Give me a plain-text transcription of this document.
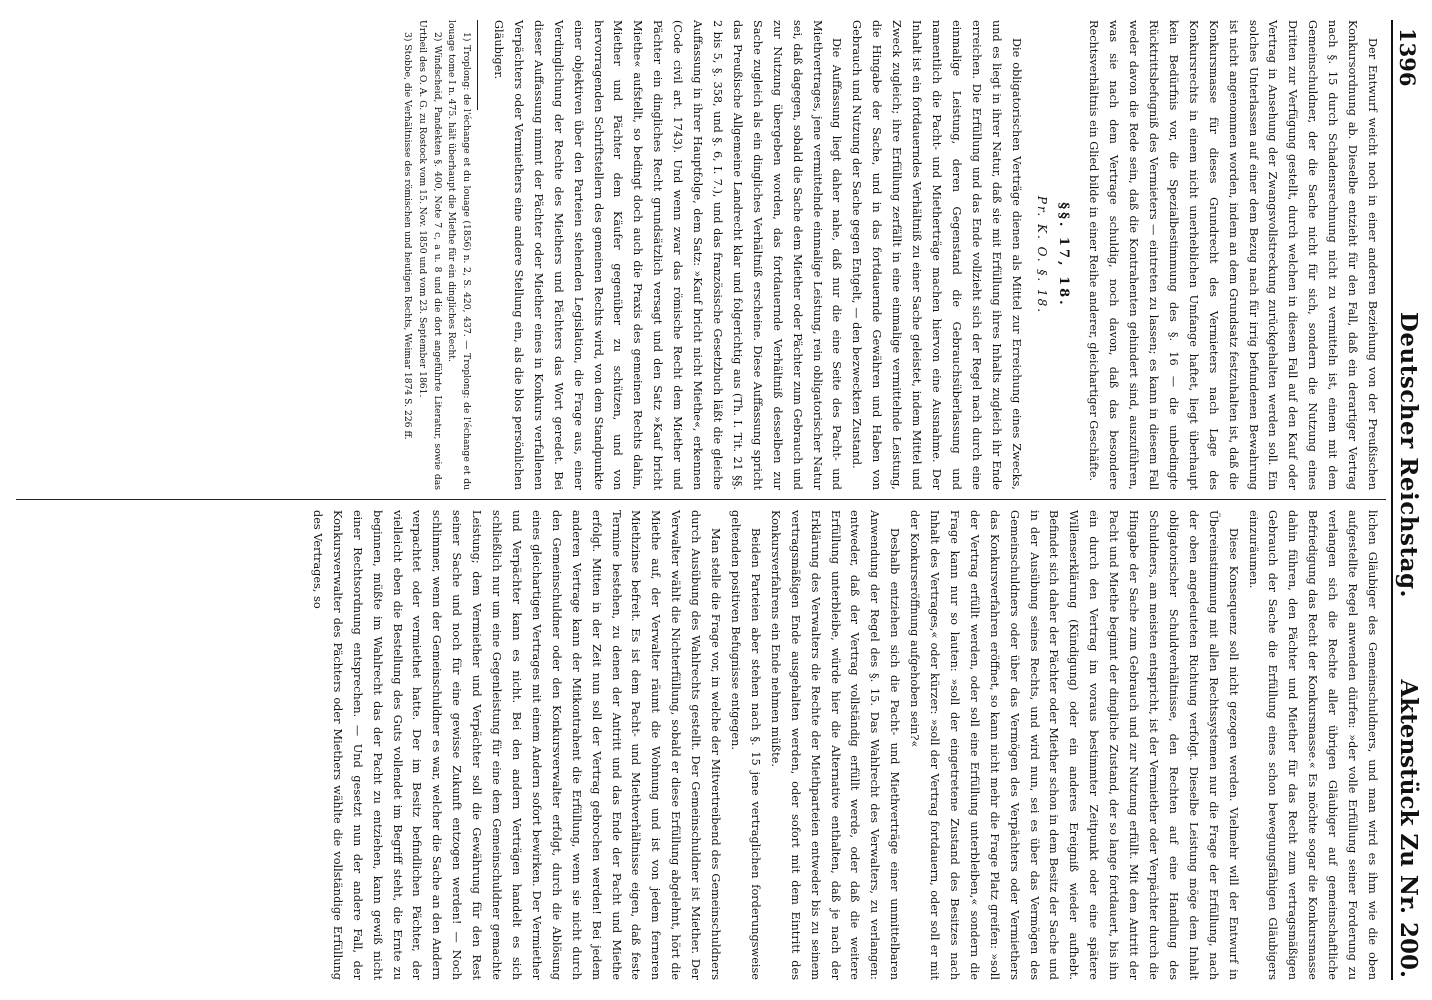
1396
Deutscher Reichstag.
Aktenstück Zu Nr. 200.

Der Entwurf weicht noch in einer anderen Beziehung von der Preußischen Konkursordnung ab. Dieselbe entzieht für den Fall, daß ein derartiger Vertrag nach §. 15 durch Schadensrechnung nicht zu vermitteln ist, einem mit dem Gemeinschuldner, der die Sache nicht für sich, sondern die Nutzung eines Dritten zur Verfügung gestellt, durch welchen in diesem Fall auf den Kauf oder Vertrag in Ansehung der Zwangsvollstreckung zurückgehalten werden soll. Ein solches Unterlassen auf einer dem Bezug nach für irrig befundenen Bewahrung ist nicht angenommen worden, indem an dem Grundsatz festzuhalten ist, daß die Konkursmasse für dieses Grundrecht des Vermieters nach Lage des Konkursrechts in einem nicht unerheblichen Umfange haftet, liegt überhaupt kein Bedürfnis vor, die Spezialbestimmung des §. 16 — die unbedingte Rücktrittsbefugniß des Vermieters — eintreten zu lassen; es kann in diesem Fall weder davon die Rede sein, daß die Kontrahenten gehindert sind, auszuführen, was sie nach dem Vertrage schuldig, noch davon, daß das besondere Rechtsverhältnis ein Glied bilde in einer Reihe anderer, gleichartiger Geschäfte.

§§. 17, 18.
Pr. K. O. §. 18.

Die obligatorischen Verträge dienen als Mittel zur Erreichung eines Zwecks, und es liegt in ihrer Natur, daß sie mit Erfüllung ihres Inhalts zugleich ihr Ende erreichen. Die Erfüllung und das Ende vollzieht sich der Regel nach durch eine einmalige Leistung, deren Gegenstand die Gebrauchsüberlassung und namentlich die Pacht- und Mietherträge machen hiervon eine Ausnahme. Der Inhalt ist ein fortdauerndes Verhältniß zu einer Sache geleistet, indem Mittel und Zweck zugleich; ihre Erfüllung zerfällt in eine einmalige vermittelnde Leistung, die Hingabe der Sache, und in das fortdauernde Gewähren und Haben von Gebrauch und Nutzung der Sache gegen Entgelt, — den bezweckten Zustand.

Die Auffassung liegt daher nahe, daß nur die eine Seite des Pacht- und Miethvertrages, jene vermittelnde einmalige Leistung, rein obligatorischer Natur sei, daß dagegen, sobald die Sache dem Miether oder Pächter zum Gebrauch und zur Nutzung übergeben worden, das fortdauernde Verhältniß desselben zur Sache zugleich als ein dingliches Verhältniß erscheine. Diese Auffassung spricht das Preußische Allgemeine Landrecht klar und folgerichtig aus (Th. I. Tit. 21 §§. 2 bis 5, §. 358, und §. 6, I. 7.), und das französische Gesetzbuch läßt die gleiche Auffassung in ihrer Hauptfolge, dem Satz: »Kauf bricht nicht Miethe«, erkennen (Code civil art. 1743). Und wenn zwar das römische Recht dem Miether und Pächter ein dingliches Recht grundsätzlich versagt und den Satz »Kauf bricht Miethe« aufstellt, so bedingt doch auch die Praxis des gemeinen Rechts dahin, Miether und Pächter dem Käufer gegenüber zu schützen, und von hervorragenden Schriftstellern des gemeinen Rechts wird, von dem Standpunkte einer objektiven über den Parteien stehenden Legislation, die Frage aus, einer Verdinglichung der Rechte des Miethers und Pächters das Wort geredet. Bei dieser Auffassung nimmt der Pächter oder Miether eines in Konkurs verfallenen Verpächters oder Vermiethers eine andere Stellung ein, als die blos persönlichen Gläubiger.

1) Troplong: de l'échange et du louage (1856) n. 2, S. 420, 437. — Troplong: de l'échange et du louage tome I n. 475. hält überhaupt die Miethe für ein dingliches Recht.

2) Windscheid, Pandekten §. 400, Note 7 c, a u. 8 und die dort angeführte Literatur, sowie das Urtheil des O. A. G. zu Rostock vom 15. Nov. 1850 und vom 23. September 1861.

3) Stobbe, die Verhältnisse des römischen und heutigen Rechts, Weimar 1874 S. 226 ff.

lichen Gläubiger des Gemeinschuldners, und man wird es ihm wie die oben aufgestellte Regel anwenden dürfen: »der volle Erfüllung seiner Forderung zu verlangen sich die Rechte aller übrigen Gläubiger auf gemeinschaftliche Befriedigung das Recht der Konkursmasse.« Es möchte sogar die Konkursmasse dahin führen, den Pächter und Miether für das Recht zum vertragsmäßigen Gebrauch der Sache die Erfüllung eines schon bewegungsfähigen Gläubigers einzuräumen.

Diese Konsequenz soll nicht gezogen werden. Vielmehr will der Entwurf in Übereinstimmung mit allen Rechtssystemen nur die Frage der Erfüllung, nach der oben angedeuteten Richtung verfolgt. Dieselbe Leistung möge dem Inhalt obligatorischer Schuldverhältnisse, den Rechten auf eine Handlung des Schuldners, am meisten entspricht, ist der Vermiether oder Verpächter durch die Hingabe der Sache zum Gebrauch und zur Nutzung erfüllt. Mit dem Antritt der Pacht und Miethe beginnt der dingliche Zustand, der so lange fortdauert, bis ihn ein durch den Vertrag im voraus bestimmter Zeitpunkt oder eine spätere Willenserklärung (Kündigung) oder ein anderes Ereigniß wieder aufhebt. Befindet sich daher der Pächter oder Miether schon in dem Besitz der Sache und in der Ausübung seines Rechts, und wird nun, sei es über das Vermögen des Gemeinschuldners oder über das Vermögen des Verpächters oder Vermiethers das Konkursverfahren eröffnet, so kann nicht mehr die Frage Platz greifen: »soll der Vertrag erfüllt werden, oder soll eine Erfüllung unterbleiben,« sondern die Frage kann nur so lauten: »soll der eingetretene Zustand des Besitzes nach Inhalt des Vertrages,« oder kürzer: »soll der Vertrag fortdauern, oder soll er mit der Konkurseröffnung aufgehoben sein?«

Deshalb entziehen sich die Pacht- und Miethverträge einer unmittelbaren Anwendung der Regel des §. 15. Das Wahlrecht des Verwalters, zu verlangen: entweder, daß der Vertrag vollständig erfüllt werde, oder daß die weitere Erfüllung unterbleibe, würde hier die Alternative enthalten, daß je nach der Erklärung des Verwalters die Rechte der Miethparteien entweder bis zu seinem vertragsmäßigen Ende ausgehalten werden, oder sofort mit dem Eintritt des Konkursverfahrens ein Ende nehmen müßte.

Beiden Parteien aber stehen nach §. 15 jene vertraglichen forderungsweise geltenden positiven Befugnisse entgegen.

Man stelle die Frage vor, in welche der Mitvertreibend des Gemeinschuldners durch Ausübung des Wahlrechts gestellt. Der Gemeinschuldner ist Miether. Der Verwalter wählt die Nichterfüllung, sobald er diese Erfüllung abgelehnt, hört die Miethe auf, der Verwalter räumt die Wohnung und ist von jedem ferneren Miethzinse befreit. Es ist dem Pacht- und Miethverhältnisse eigen, daß feste Termine bestehen, zu denen der Antritt und das Ende der Pacht und Miethe erfolgt. Mitten in der Zeit nun soll der Vertrag gebrochen werden! Bei jedem anderen Vertrage kann der Mitkontrahent die Erfüllung, wenn sie nicht durch den Gemeinschuldner oder den Konkursverwalter erfolgt, durch die Ablösung eines gleichartigen Vertrages mit einem Andern sofort bewirken. Der Vermiether und Verpächter kann es nicht. Bei den andern Verträgen handelt es sich schließlich nur um eine Gegenleistung für eine dem Gemeinschuldner gemachte Leistung; dem Vermiether und Verpächter soll die Gewährung für den Rest seiner Sache und noch für eine gewisse Zukunft entzogen werden! — Noch schlimmer, wenn der Gemeinschuldner es war, welcher die Sache an den Andern verpachtet oder vermiethet hatte. Der im Besitz befindlichen Pächter, der vielleicht eben die Bestellung des Guts vollendet im Begriff steht, die Ernte zu beginnen, müßte im Wahlrecht das der Pacht zu entziehen, kann gewiß nicht einer Rechtsordnung entsprechen. — Und gesetzt nun der andere Fall, der Konkursverwalter des Pächters oder Miethers wählte die vollständige Erfüllung des Vertrages, so
